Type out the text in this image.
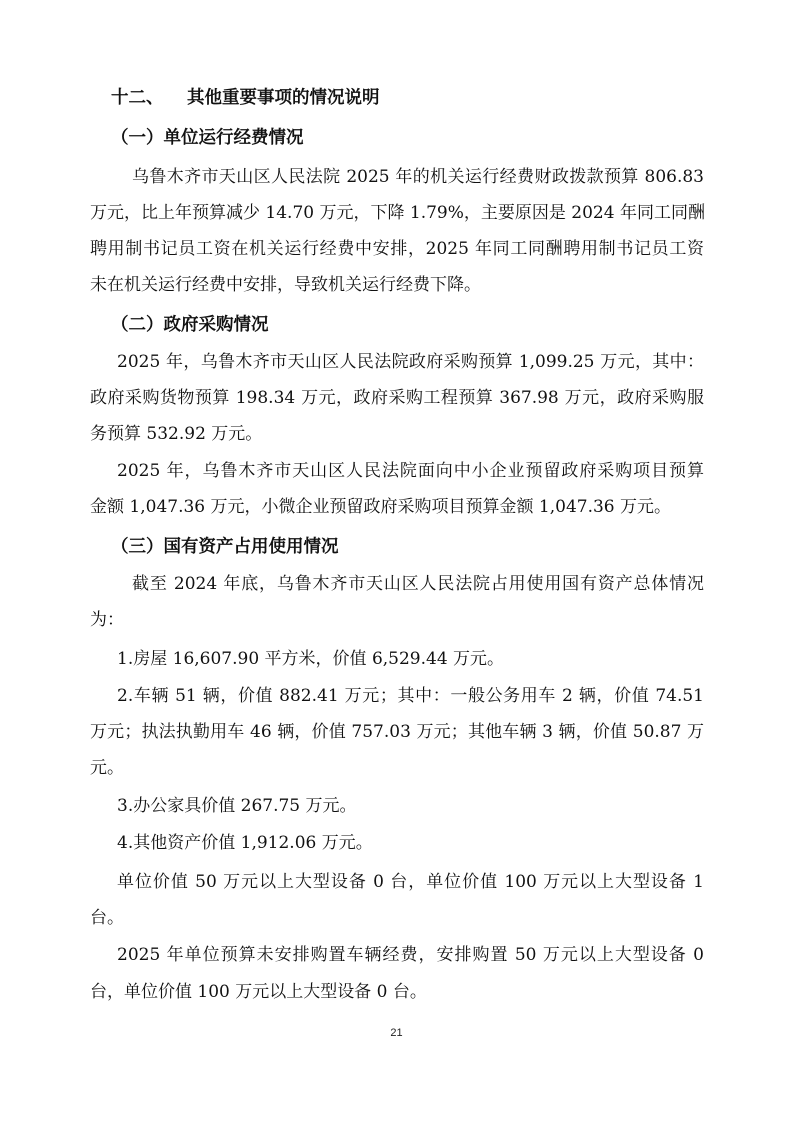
十二、 其他重要事项的情况说明
（一）单位运行经费情况
乌鲁木齐市天山区人民法院 2025 年的机关运行经费财政拨款预算 806.83
万元，比上年预算减少 14.70 万元，下降 1.79%，主要原因是 2024 年同工同酬
聘用制书记员工资在机关运行经费中安排，2025 年同工同酬聘用制书记员工资
未在机关运行经费中安排，导致机关运行经费下降。
（二）政府采购情况
2025 年，乌鲁木齐市天山区人民法院政府采购预算 1,099.25 万元，其中：
政府采购货物预算 198.34 万元，政府采购工程预算 367.98 万元，政府采购服
务预算 532.92 万元。
2025 年，乌鲁木齐市天山区人民法院面向中小企业预留政府采购项目预算
金额 1,047.36 万元，小微企业预留政府采购项目预算金额 1,047.36 万元。
（三）国有资产占用使用情况
截至 2024 年底，乌鲁木齐市天山区人民法院占用使用国有资产总体情况
为：
1.房屋 16,607.90 平方米，价值 6,529.44 万元。
2.车辆 51 辆，价值 882.41 万元；其中：一般公务用车 2 辆，价值 74.51
万元；执法执勤用车 46 辆，价值 757.03 万元；其他车辆 3 辆，价值 50.87 万
元。
3.办公家具价值 267.75 万元。
4.其他资产价值 1,912.06 万元。
单位价值 50 万元以上大型设备 0 台，单位价值 100 万元以上大型设备 1
台。
2025 年单位预算未安排购置车辆经费，安排购置 50 万元以上大型设备 0
台，单位价值 100 万元以上大型设备 0 台。
21
